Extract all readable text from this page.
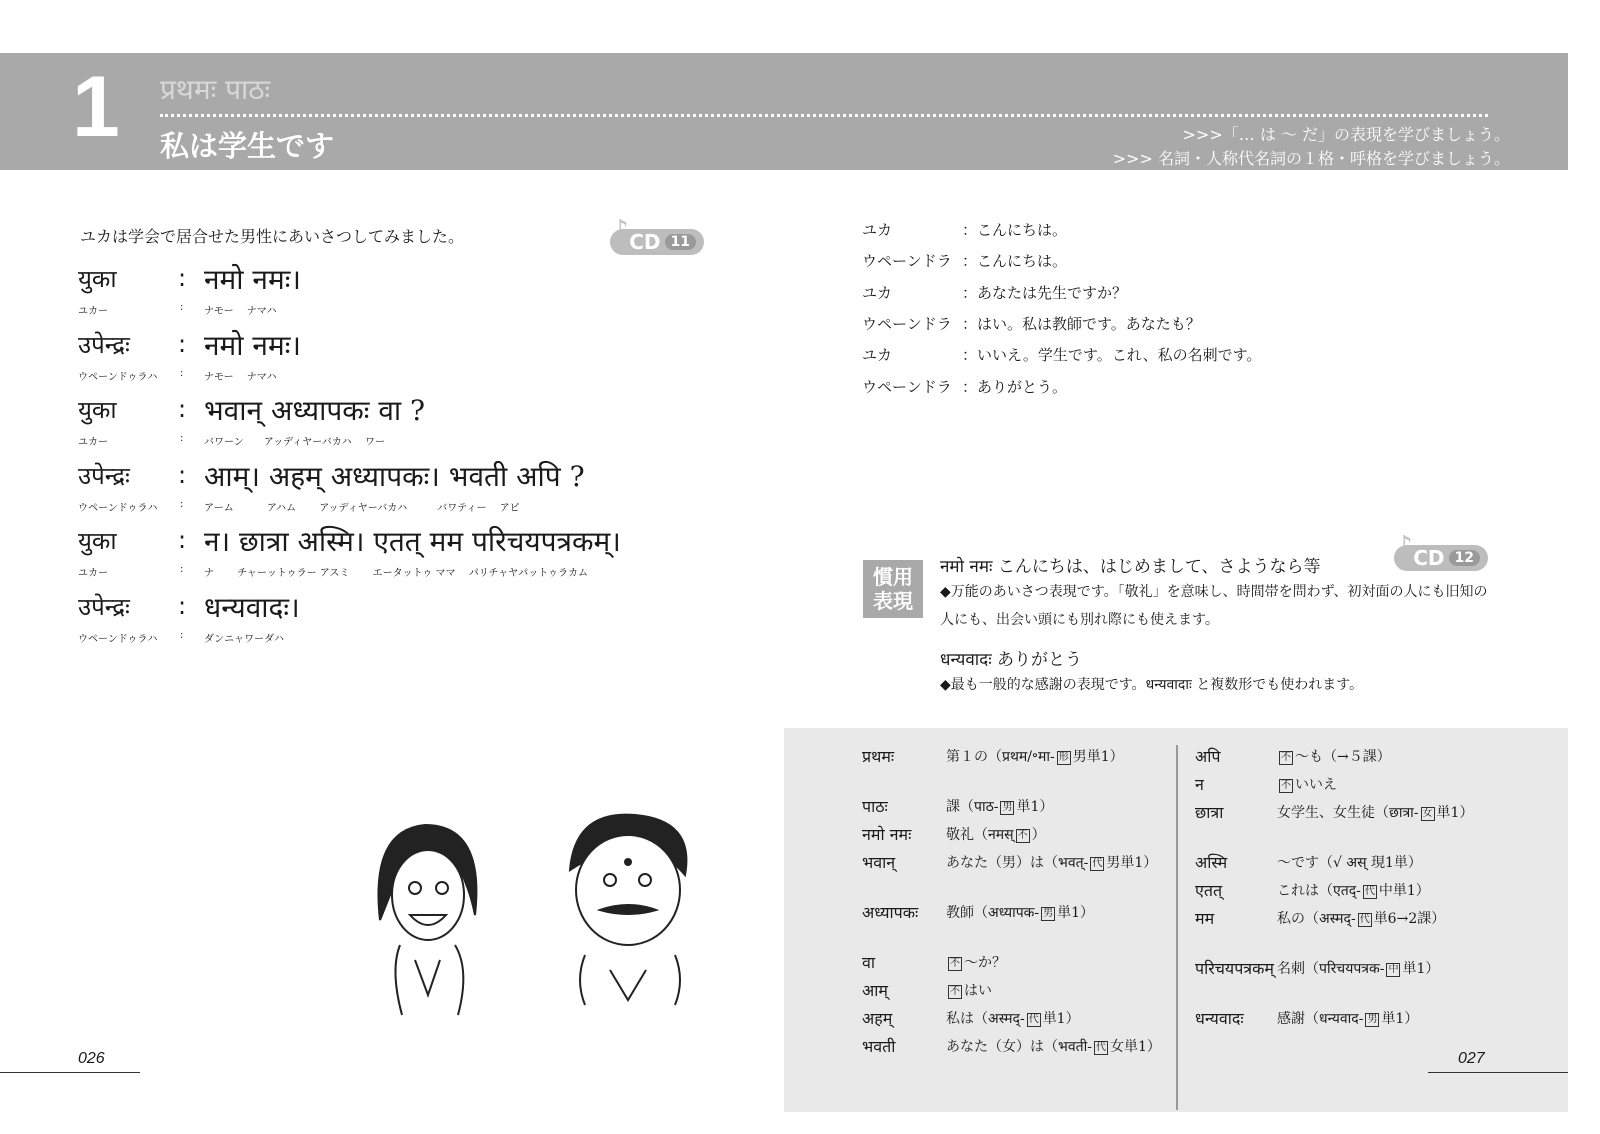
1 प्रथमः पाठः
私は学生です	>>>「… は ～ だ」の表現を学びましょう。
>>> 名詞・人称代名詞の１格・呼格を学びましょう。
ユカは学会で居合せた男性にあいさつしてみました。	♪ CD 11
युका	: नमो नमः।
ユカー	: ナモー　 ナマハ
उपेन्द्रः : नमो नमः।
ウペーンドゥラハ : ナモー　 ナマハ
युका	: भवान् अध्यापकः वा ?
ユカー	: バワーン　　アッディヤーバカハ　 ワー
उपेन्द्रः : आम्। अहम् अध्यापकः। भवती अपि ?
ウペーンドゥラハ : アーム　　　 アハム　　 アッディヤーバカハ　　　バワティー　 アピ
युका	: न। छात्रा अस्मि। एतत् मम परिचयपत्रकम्।
ユカー	: ナ　　 チャーットゥラー アスミ　　 エータットゥ ママ　 パリチャヤパットゥラカム
उपेन्द्रः : धन्यवादः।
ウペーンドゥラハ : ダンニャワーダハ
ユカ	：こんにちは。
ウペーンドラ ：こんにちは。
ユカ	：あなたは先生ですか？
ウペーンドラ ：はい。私は教師です。あなたも？
ユカ	：いいえ。学生です。これ、私の名刺です。
ウペーンドラ ：ありがとう。
慣用表現
नमो नमः こんにちは、はじめまして、さようなら等
◆万能のあいさつ表現です。「敬礼」を意味し、時間帯を問わず、初対面の人にも旧知の人にも、出会い頭にも別れ際にも使えます。
धन्यवादः ありがとう
◆最も一般的な感謝の表現です。धन्यवादाः と複数形でも使われます。
♪ CD 12
प्रथमः	第１の（प्रथम/॰मा- 形 男単1）
पाठः	課（पाठ- 男 単1）
नमो नमः 敬礼（नमस् 不 ）
भवान्	あなた（男）は（भवत्- 代 男単1）
अध्यापकः 教師（अध्यापक- 男 単1）
वा	不 ～か？
आम्	不 はい
अहम्	私は（अस्मद्- 代 単1）
भवती	あなた（女）は（भवती- 代 女単1）
अपि	不 ～も（→５課）
न	不 いいえ
छात्रा	女学生、女生徒（छात्रा- 女 単1）
अस्मि	～です（√ अस् 現1単）
एतत्	これは（एतद्- 代 中単1）
मम	私の（अस्मद्- 代 単6→2課）
परिचयपत्रकम् 名刺（परिचयपत्रक- 中 単1）
धन्यवादः 感謝（धन्यवाद- 男 単1）
026	027
